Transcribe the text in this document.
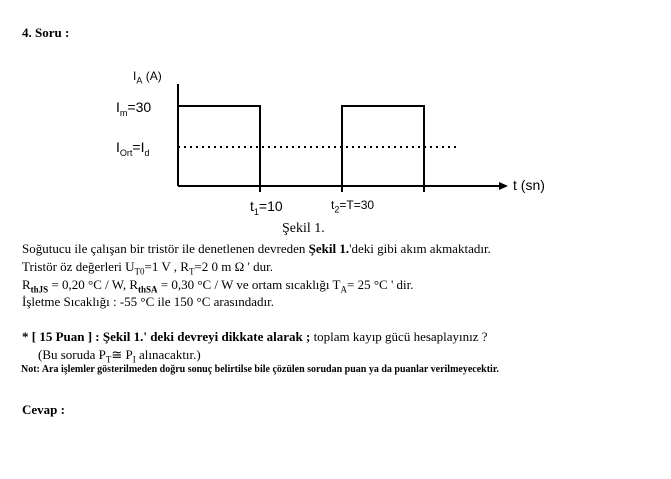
4. Soru :
$I_A$ (A)
$I_m=30$
$I_{Ort}=I_d$
t (sn)
$t_1=10$	$t_2=T=30$
Şekil 1.
Soğutucu ile çalışan bir tristör ile denetlenen devreden Şekil 1.'deki gibi akım akmaktadır.
Tristör öz değerleri $U_{T0}=1$ V , $R_T=2$ 0 m Ω ' dur.
$R_{thJS} = 0,20$ °C / W, $R_{thSA} = 0,30$ °C / W ve ortam sıcaklığı $T_A= 25$ °C ' dir.
İşletme Sıcaklığı : -55 °C ile 150 °C arasındadır.
* [ 15 Puan ] : Şekil 1.' deki devreyi dikkate alarak ; toplam kayıp gücü hesaplayınız ?
(Bu soruda $P_T≅$ $P_I$ alınacaktır.)
Not: Ara işlemler gösterilmeden doğru sonuç belirtilse bile çözülen sorudan puan ya da puanlar verilmeyecektir.
Cevap :
